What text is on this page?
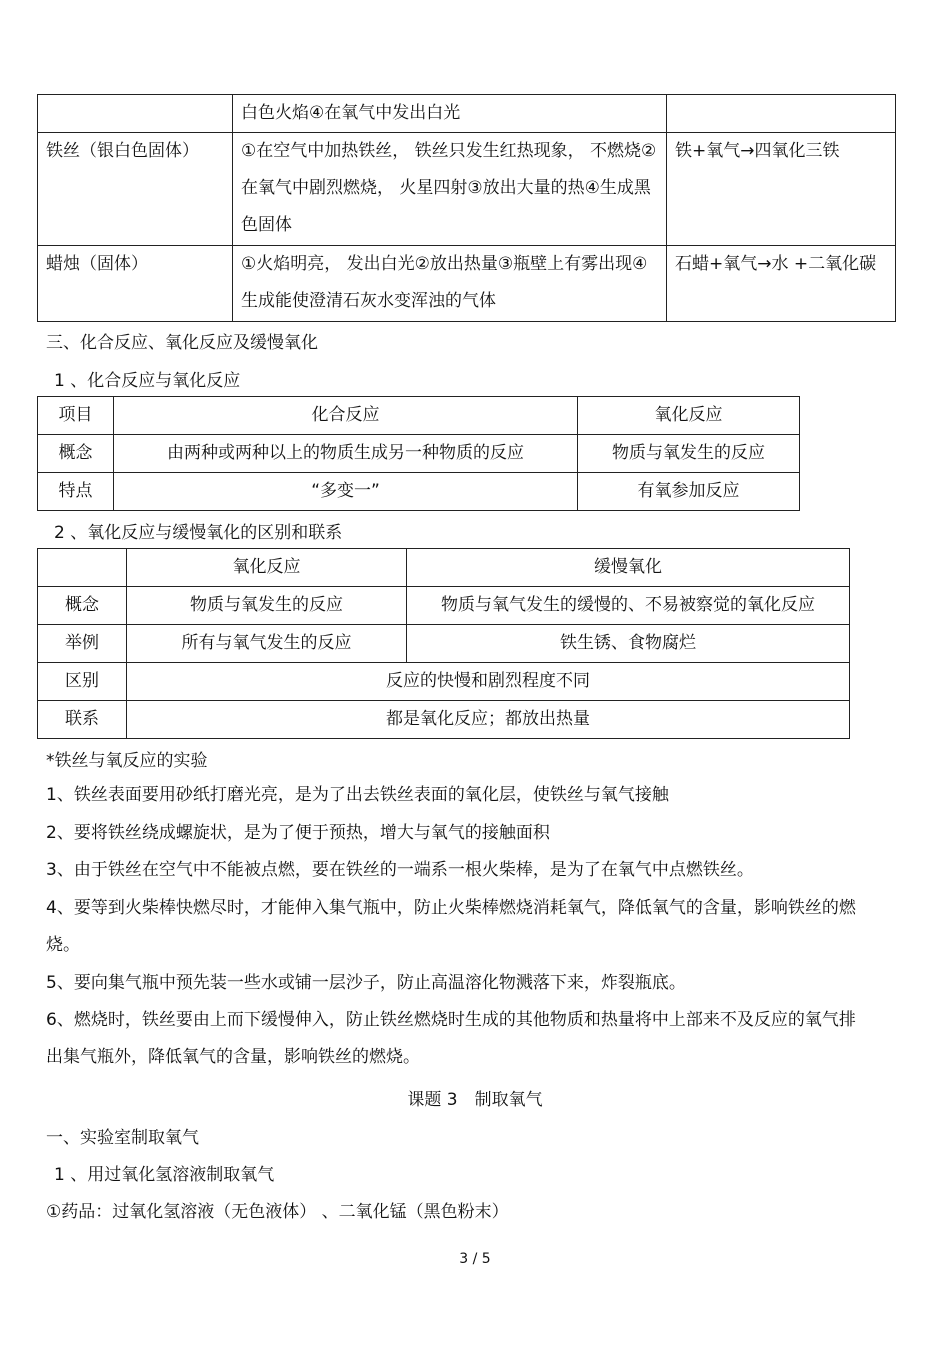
	白色火焰④在氧气中发出白光	
铁丝（银白色固体）	①在空气中加热铁丝， 铁丝只发生红热现象， 不燃烧②在氧气中剧烈燃烧， 火星四射③放出大量的热④生成黑色固体	铁+氧气→四氧化三铁
蜡烛（固体）	①火焰明亮， 发出白光②放出热量③瓶壁上有雾出现④生成能使澄清石灰水变浑浊的气体	石蜡+氧气→水 +二氧化碳
三、化合反应、氧化反应及缓慢氧化
1 、化合反应与氧化反应
项目	化合反应	氧化反应
概念	由两种或两种以上的物质生成另一种物质的反应	物质与氧发生的反应
特点	“多变一”	有氧参加反应
2 、氧化反应与缓慢氧化的区别和联系
	氧化反应	缓慢氧化
概念	物质与氧发生的反应	物质与氧气发生的缓慢的、不易被察觉的氧化反应
举例	所有与氧气发生的反应	铁生锈、食物腐烂
区别	反应的快慢和剧烈程度不同	
联系	都是氧化反应；都放出热量	
*铁丝与氧反应的实验
1、铁丝表面要用砂纸打磨光亮，是为了出去铁丝表面的氧化层，使铁丝与氧气接触
2、要将铁丝绕成螺旋状，是为了便于预热，增大与氧气的接触面积
3、由于铁丝在空气中不能被点燃，要在铁丝的一端系一根火柴棒，是为了在氧气中点燃铁丝。
4、要等到火柴棒快燃尽时，才能伸入集气瓶中，防止火柴棒燃烧消耗氧气，降低氧气的含量，影响铁丝的燃烧。
5、要向集气瓶中预先装一些水或铺一层沙子，防止高温溶化物溅落下来，炸裂瓶底。
6、燃烧时，铁丝要由上而下缓慢伸入，防止铁丝燃烧时生成的其他物质和热量将中上部来不及反应的氧气排出集气瓶外，降低氧气的含量，影响铁丝的燃烧。
课题 3　制取氧气
一、实验室制取氧气
1 、用过氧化氢溶液制取氧气
①药品：过氧化氢溶液（无色液体） 、二氧化锰（黑色粉末）
3 / 5
